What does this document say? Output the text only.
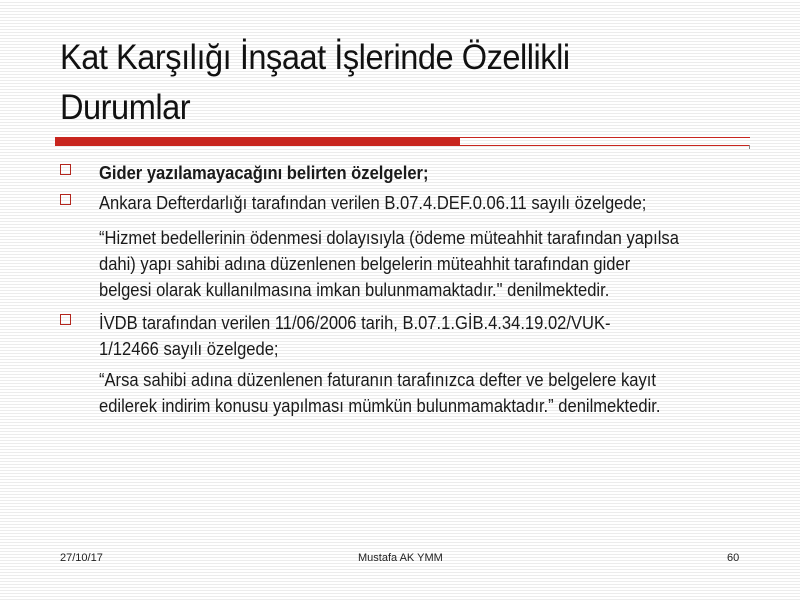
Kat Karşılığı İnşaat İşlerinde Özellikli
Durumlar
Gider yazılamayacağını belirten özelgeler;
Ankara Defterdarlığı tarafından verilen B.07.4.DEF.0.06.11 sayılı özelgede;
“Hizmet bedellerinin ödenmesi dolayısıyla (ödeme müteahhit tarafından yapılsa
dahi) yapı sahibi adına düzenlenen belgelerin müteahhit tarafından gider
belgesi olarak kullanılmasına imkan bulunmamaktadır." denilmektedir.
İVDB tarafından verilen 11/06/2006 tarih, B.07.1.GİB.4.34.19.02/VUK-
1/12466 sayılı özelgede;
“Arsa sahibi adına düzenlenen faturanın tarafınızca defter ve belgelere kayıt
edilerek indirim konusu yapılması mümkün bulunmamaktadır.” denilmektedir.
27/10/17	Mustafa AK YMM	60
